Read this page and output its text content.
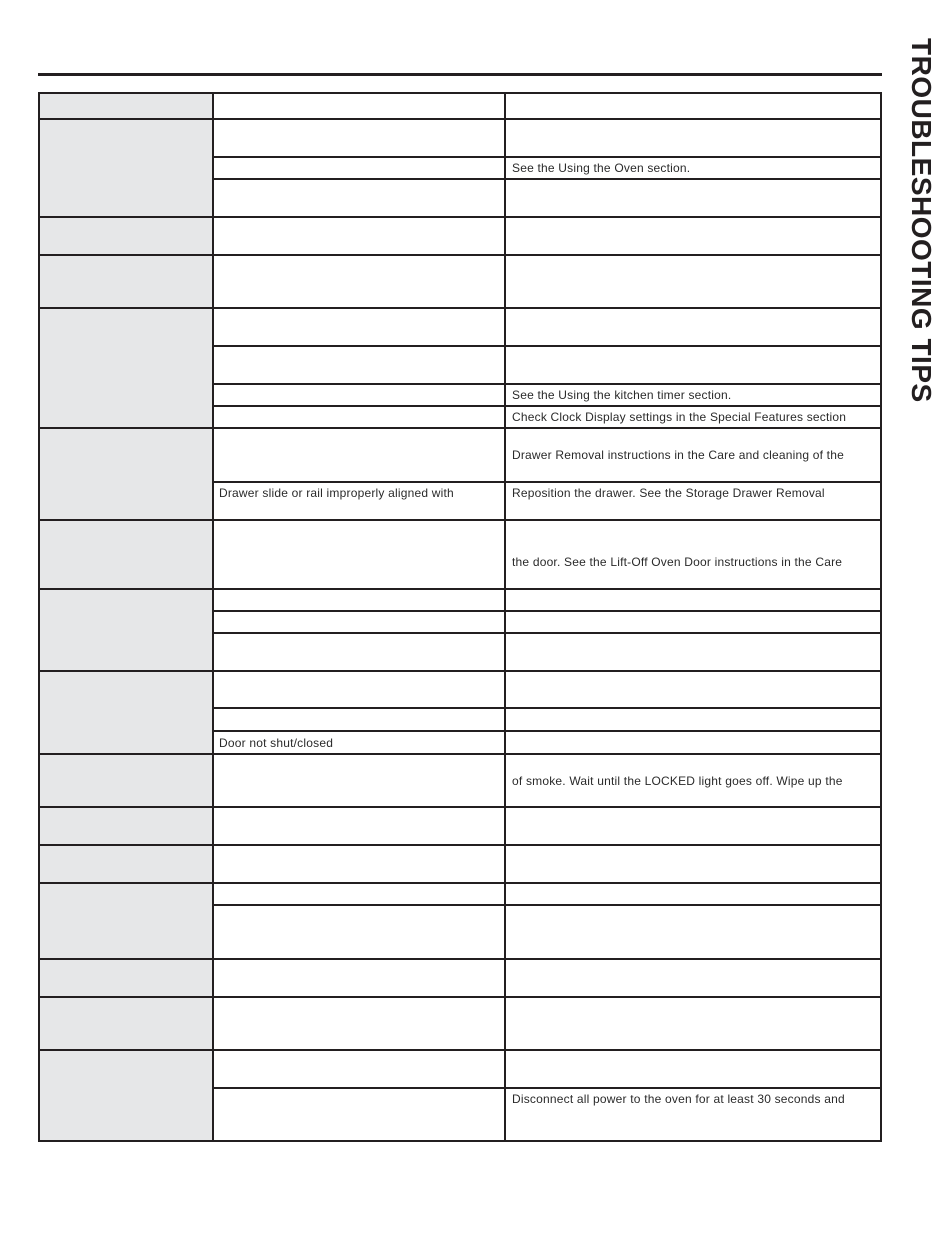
TROUBLESHOOTING TIPS
See the Using the Oven section.
See the Using the kitchen timer section.
Check Clock Display settings in the Special Features section
Drawer Removal instructions in the Care and cleaning of the
Drawer slide or rail improperly aligned with	Reposition the drawer. See the Storage Drawer Removal
the door. See the Lift-Off Oven Door instructions in the Care
Door not shut/closed
of smoke. Wait until the LOCKED light goes off. Wipe up the
Disconnect all power to the oven for at least 30 seconds and
